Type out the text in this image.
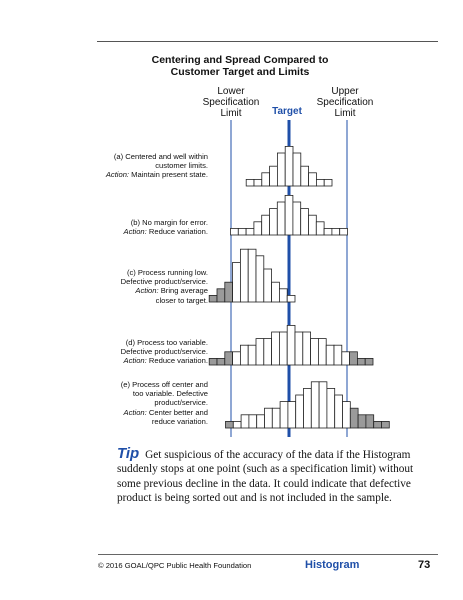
Centering and Spread Compared to
Customer Target and Limits
Lower
Specification
Limit
Upper
Specification
Limit
Target
(a) Centered and well within
customer limits.
Action: Maintain present state.
(b) No margin for error.
Action: Reduce variation.
(c) Process running low.
Defective product/service.
Action: Bring average
closer to target.
(d) Process too variable.
Defective product/service.
Action: Reduce variation.
(e) Process off center and
too variable. Defective
product/service.
Action: Center better and
reduce variation.
Tip Get suspicious of the accuracy of the data if the Histogram suddenly stops at one point (such as a specification limit) without some previous decline in the data. It could indicate that defective product is being sorted out and is not included in the sample.
© 2016 GOAL/QPC Public Health Foundation	Histogram	73
